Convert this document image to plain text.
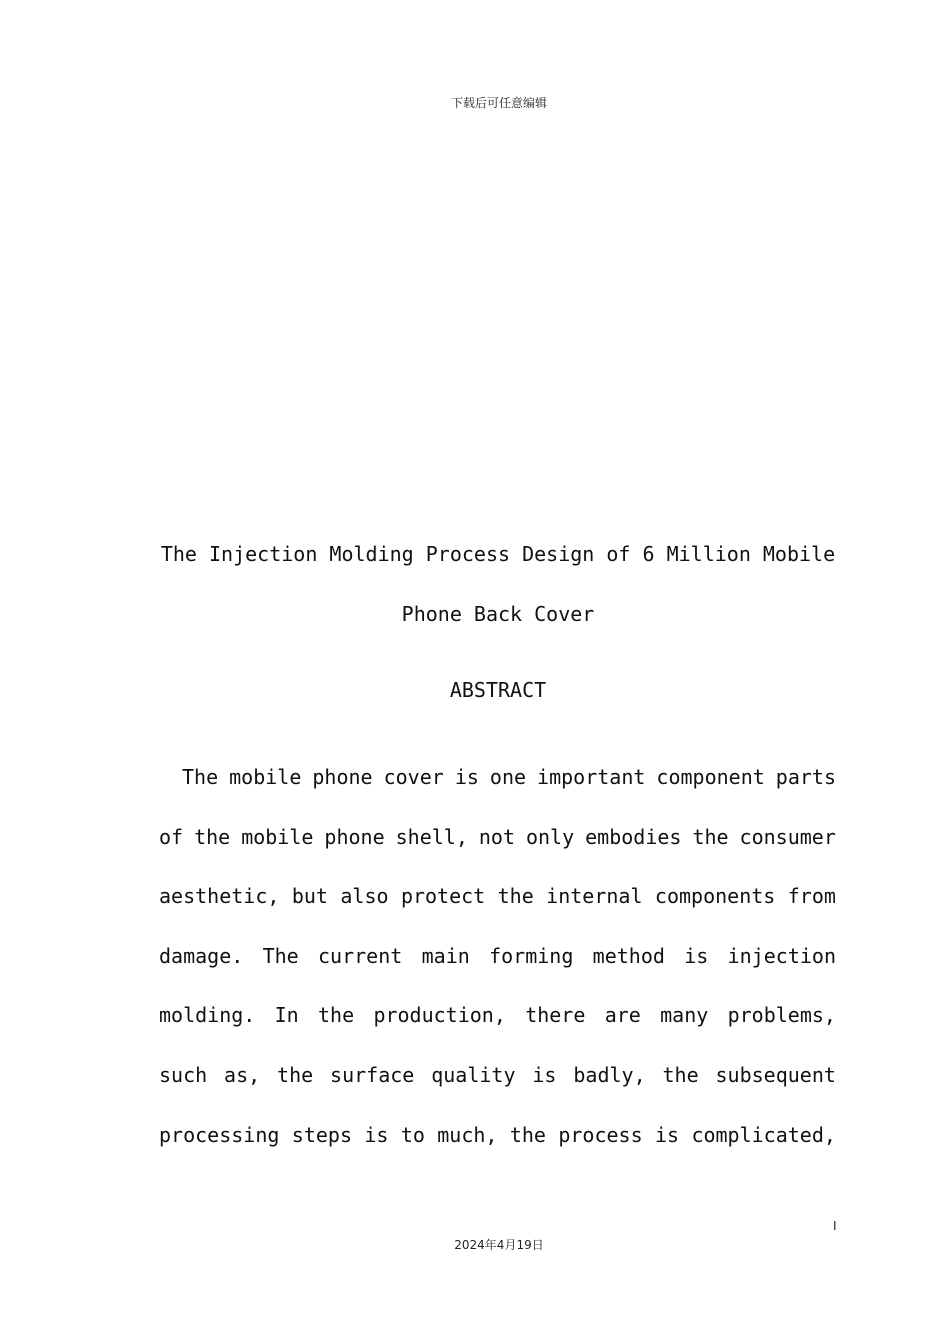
下载后可任意编辑
The Injection Molding Process Design of 6 Million Mobile
Phone Back Cover
ABSTRACT
The mobile phone cover is one important component parts
of the mobile phone shell, not only embodies the consumer
aesthetic, but also protect the internal components from
damage. The current main forming method is injection
molding. In the production, there are many problems,
such as, the surface quality is badly, the subsequent
processing steps is to much, the process is complicated,
I
2024年4月19日
